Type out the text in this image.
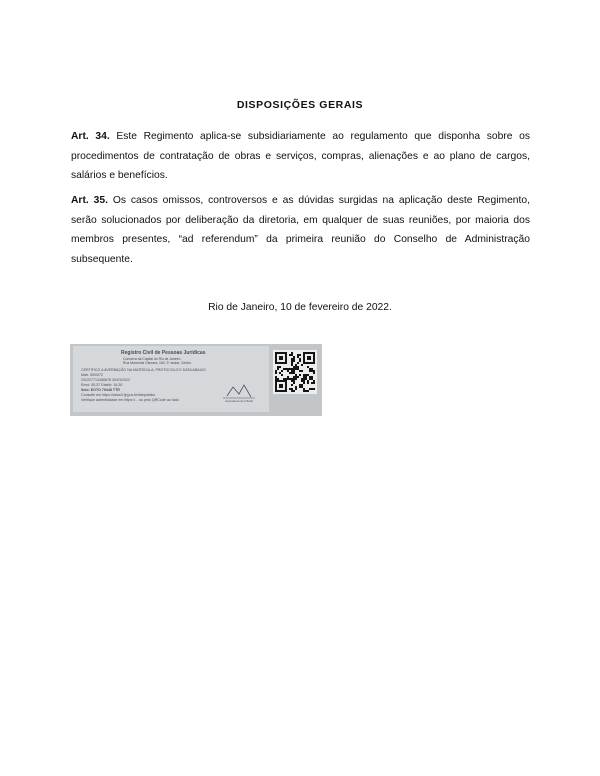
DISPOSIÇÕES GERAIS
Art. 34. Este Regimento aplica-se subsidiariamente ao regulamento que disponha sobre os procedimentos de contratação de obras e serviços, compras, alienações e ao plano de cargos, salários e benefícios.
Art. 35. Os casos omissos, controversos e as dúvidas surgidas na aplicação deste Regimento, serão solucionados por deliberação da diretoria, em qualquer de suas reuniões, por maioria dos membros presentes, “ad referendum” da primeira reunião do Conselho de Administração subsequente.
Rio de Janeiro, 10 de fevereiro de 2022.
Registro Civil de Pessoas Jurídicas
Comarca da Capital do Rio de Janeiro
Rua Marechal Câmara, 160, 3º andar, Centro
CERTIFICO A AVERBAÇÃO NA MATRÍCULA, PROTOCOLO E DATA ABAIXO
Matr. 55/0072
202207713456678 30/03/2022
Emol: 55,37 Distrib: 16,30
Selo: EOTO 79448 TTR
Consulte em https://www3.tjrj.jus.br/sitepublico
Verifique autenticidade em https://... ou pelo QRCode ao lado	Assinatura do Oficial
